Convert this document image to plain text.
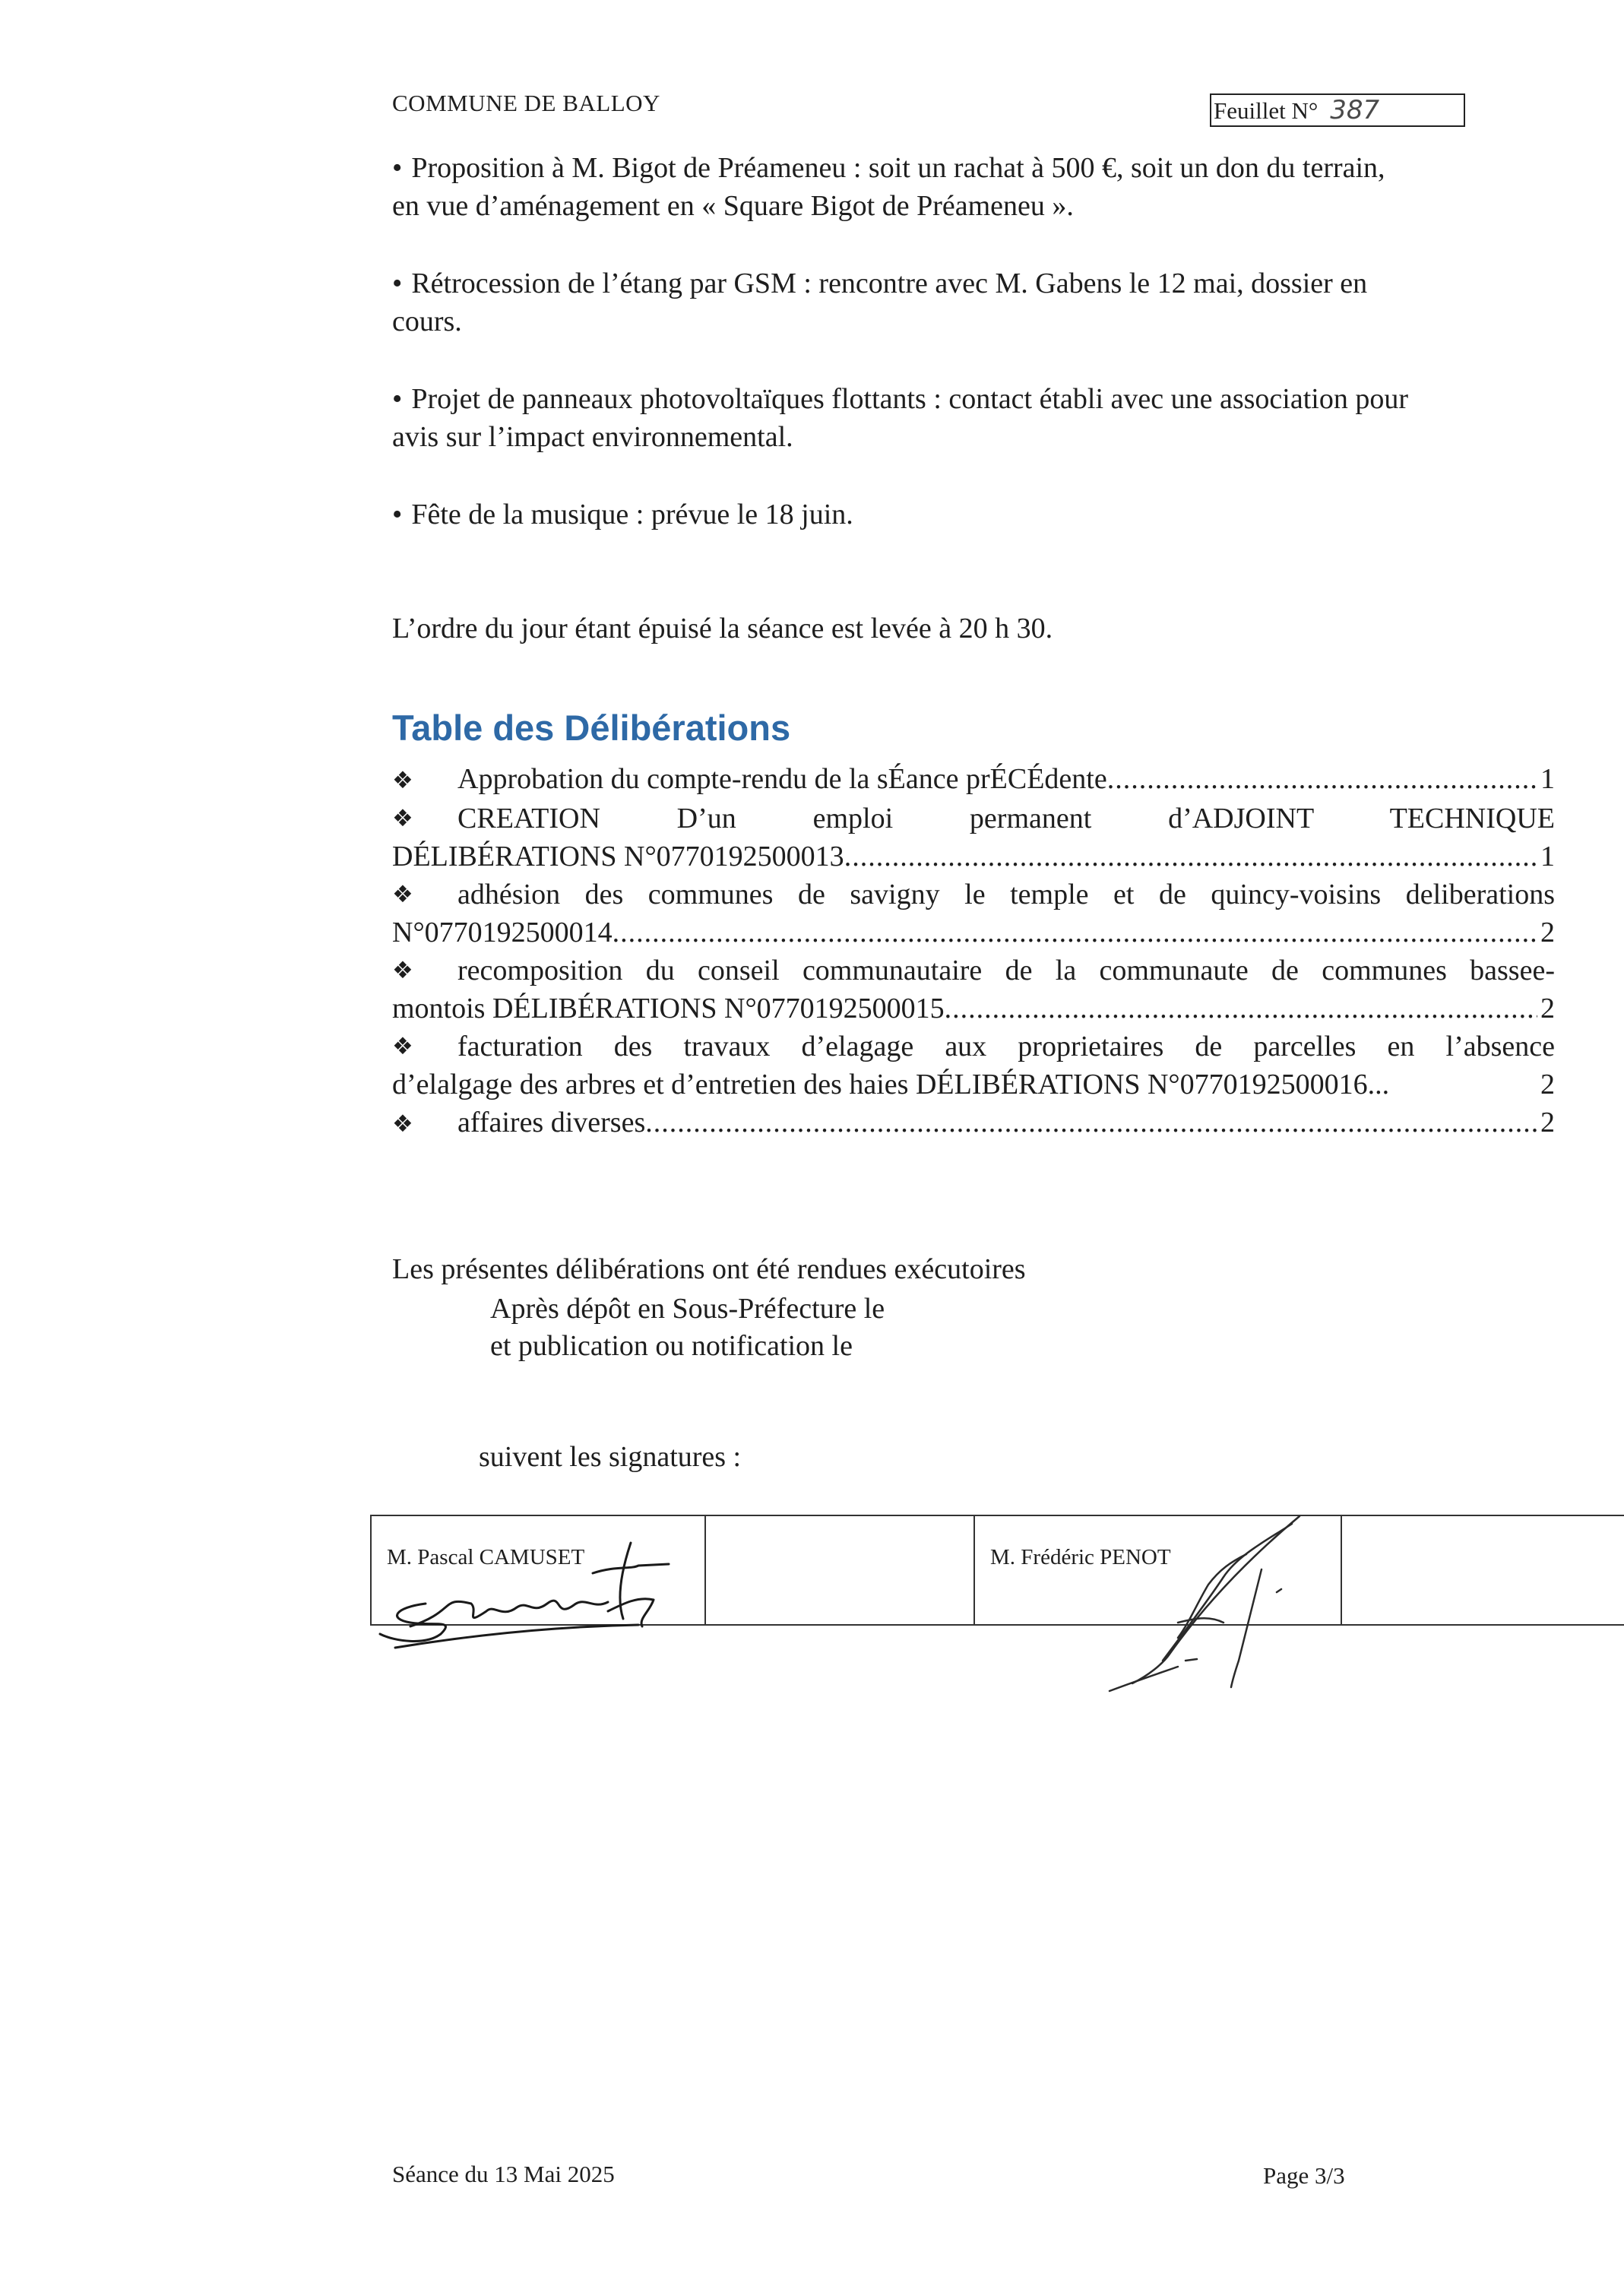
COMMUNE DE BALLOY	Feuillet N° 387
• Proposition à M. Bigot de Préameneu : soit un rachat à 500 €, soit un don du terrain,
en vue d’aménagement en « Square Bigot de Préameneu ».
• Rétrocession de l’étang par GSM : rencontre avec M. Gabens le 12 mai, dossier en
cours.
• Projet de panneaux photovoltaïques flottants : contact établi avec une association pour
avis sur l’impact environnemental.
• Fête de la musique : prévue le 18 juin.
L’ordre du jour étant épuisé la séance est levée à 20 h 30.
Table des Délibérations
❖	Approbation du compte-rendu de la sÉance prÉCÉdente .....	1
❖	CREATION D’un emploi permanent d’ADJOINT TECHNIQUE
DÉLIBÉRATIONS N°0770192500013 .....	1
❖	adhésion des communes de savigny le temple et de quincy-voisins deliberations
N°0770192500014 .....	2
❖	recomposition du conseil communautaire de la communaute de communes bassee-
montois DÉLIBÉRATIONS N°0770192500015 .....	2
❖	facturation des travaux d’elagage aux proprietaires de parcelles en l’absence
d’elalgage des arbres et d’entretien des haies DÉLIBÉRATIONS N°0770192500016...	2
❖	affaires diverses .....	2
Les présentes délibérations ont été rendues exécutoires
Après dépôt en Sous-Préfecture le
et publication ou notification le
suivent les signatures :
M. Pascal CAMUSET	M. Frédéric PENOT
Séance du 13 Mai 2025	Page 3/3
